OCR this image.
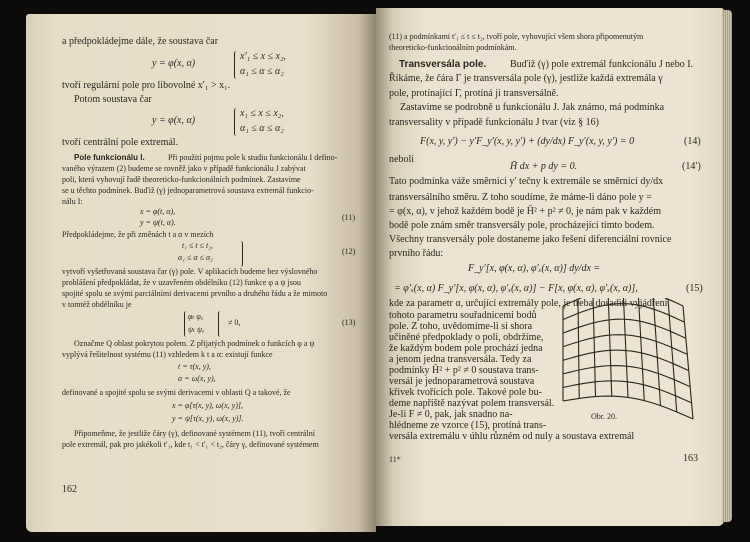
a předpokládejme dále, že soustava čar
y = φ(x, α)
x′₁ ≤ x ≤ x₂,
α₁ ≤ α ≤ α₂
tvoří regulární pole pro libovolné x′₁ > x₁.
Potom soustava čar
y = φ(x, α)
x₁ ≤ x ≤ x₂,
α₁ ≤ α ≤ α₂
tvoří centrální pole extremál.
Pole funkcionálu I.	Při použití pojmu pole k studiu funkcionálu I defino-
vaného výrazem (2) budeme se rovněž jako v případě funkcionálu J zabývat
poli, která vyhovují řadě theoreticko-funkcionálních podmínek. Zastavíme
se u těchto podmínek. Buďiž (γ) jednoparametrová soustava extremál funkcio-
nálu I:
x = φ(t, α),
y = ψ(t, α).
(11)
Předpokládejme, že při změnách t a α v mezích
t₁ ≤ t ≤ t₂,
α₁ ≤ α ≤ α₂
(12)
vytvoří vyšetřovaná soustava čar (γ) pole. V aplikacích budeme bez výslovného
prohlášení předpokládat, že v uzavřeném obdélníku (12) funkce φ a ψ jsou
spojité spolu se svými parciálními derivacemi prvního a druhého řádu a že mimoto
v tomtéž obdélníku je
φₜ φₐ
ψₜ ψₐ
≠ 0,	(13)
Označme Q oblast pokrytou polem. Z přijatých podmínek o funkcích φ a ψ
vyplývá řešitelnost systému (11) vzhledem k t a α: existují funkce
t = τ(x, y),
α = ω(x, y),
definované a spojité spolu se svými derivacemi v oblasti Q a takové, že
x = φ[τ(x, y), ω(x, y)],
y = ψ[τ(x, y), ω(x, y)].
Připomeňme, že jestliže čáry (γ), definované systémem (11), tvoří centrální
pole extremál, pak pro jakékoli t′₁, kde t₁ < t′₁ < t₂, čáry γ, definované systémem
(11) a podmínkami t′₁ ≤ t ≤ t₂, tvoří pole, vyhovující všem shora připomenutým
theoreticko-funkcionálním podmínkám.
Transversála pole. Buďiž (γ) pole extremál funkcionálu J nebo I.
Říkáme, že čára Γ je transversála pole (γ), jestliže každá extremála γ
pole, protínající Γ, protíná ji transversálně.
Zastavíme se podrobně u funkcionálu J. Jak známo, má podmínka
transversality v případě funkcionálu J tvar (viz § 16)
F(x, y, y′) − y′F_y′(x, y, y′) + (dy/dx) F_y′(x, y, y′) = 0	(14)
neboli
H̄ dx + p dy = 0.	(14′)
Tato podmínka váže směrnici y′ tečny k extremále se směrnicí dy/dx
transversálního směru. Z toho soudíme, že máme-li dáno pole y =
= φ(x, α), v jehož každém bodě je H̄² + p² ≠ 0, je nám pak v každém
bodě pole znám směr transversály pole, procházející tímto bodem.
Všechny transversály pole dostaneme jako řešení diferenciální rovnice
prvního řádu:
F_y′[x, φ(x, α), φ′ₓ(x, α)] dy/dx =
= φ′ₓ(x, α) F_y′[x, φ(x, α), φ′ₓ(x, α)] − F[x, φ(x, α), φ′ₓ(x, α)],	(15)
kde za parametr α, určující extremály pole, je třeba dosaditi vyjádření
tohoto parametru souřadnicemi bodů
pole. Z toho, uvědomíme-li si shora
učiněné předpoklady o poli, obdržíme,
že každým bodem pole prochází jedna
a jenom jedna transversála. Tedy za
podmínky H̄² + p² ≠ 0 soustava trans-
versál je jednoparametrová soustava
křivek tvořících pole. Takové pole bu-
deme napříště nazývat polem transversál.
Je-li F ≠ 0, pak, jak snadno na-
hlédneme ze vzorce (15), protíná trans-
versála extremálu v úhlu různém od nuly a soustava extremál
162
11*	163
Obr. 20.
